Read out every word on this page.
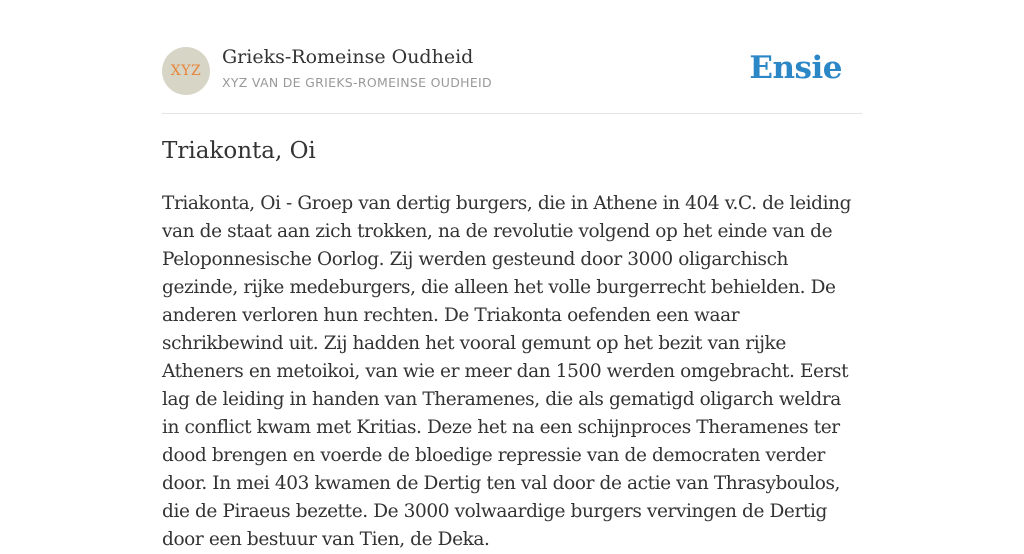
XYZ
Grieks-Romeinse Oudheid
XYZ VAN DE GRIEKS-ROMEINSE OUDHEID	Ensie
Triakonta, Oi

Triakonta, Oi - Groep van dertig burgers, die in Athene in 404 v.C. de leiding van de staat aan zich trokken, na de revolutie volgend op het einde van de Peloponnesische Oorlog. Zij werden gesteund door 3000 oligarchisch gezinde, rijke medeburgers, die alleen het volle burgerrecht behielden. De anderen verloren hun rechten. De Triakonta oefenden een waar schrikbewind uit. Zij hadden het vooral gemunt op het bezit van rijke Atheners en metoikoi, van wie er meer dan 1500 werden omgebracht. Eerst lag de leiding in handen van Theramenes, die als gematigd oligarch weldra in conflict kwam met Kritias. Deze het na een schijnproces Theramenes ter dood brengen en voerde de bloedige repressie van de democraten verder door. In mei 403 kwamen de Dertig ten val door de actie van Thrasyboulos, die de Piraeus bezette. De 3000 volwaardige burgers vervingen de Dertig door een bestuur van Tien, de Deka.
